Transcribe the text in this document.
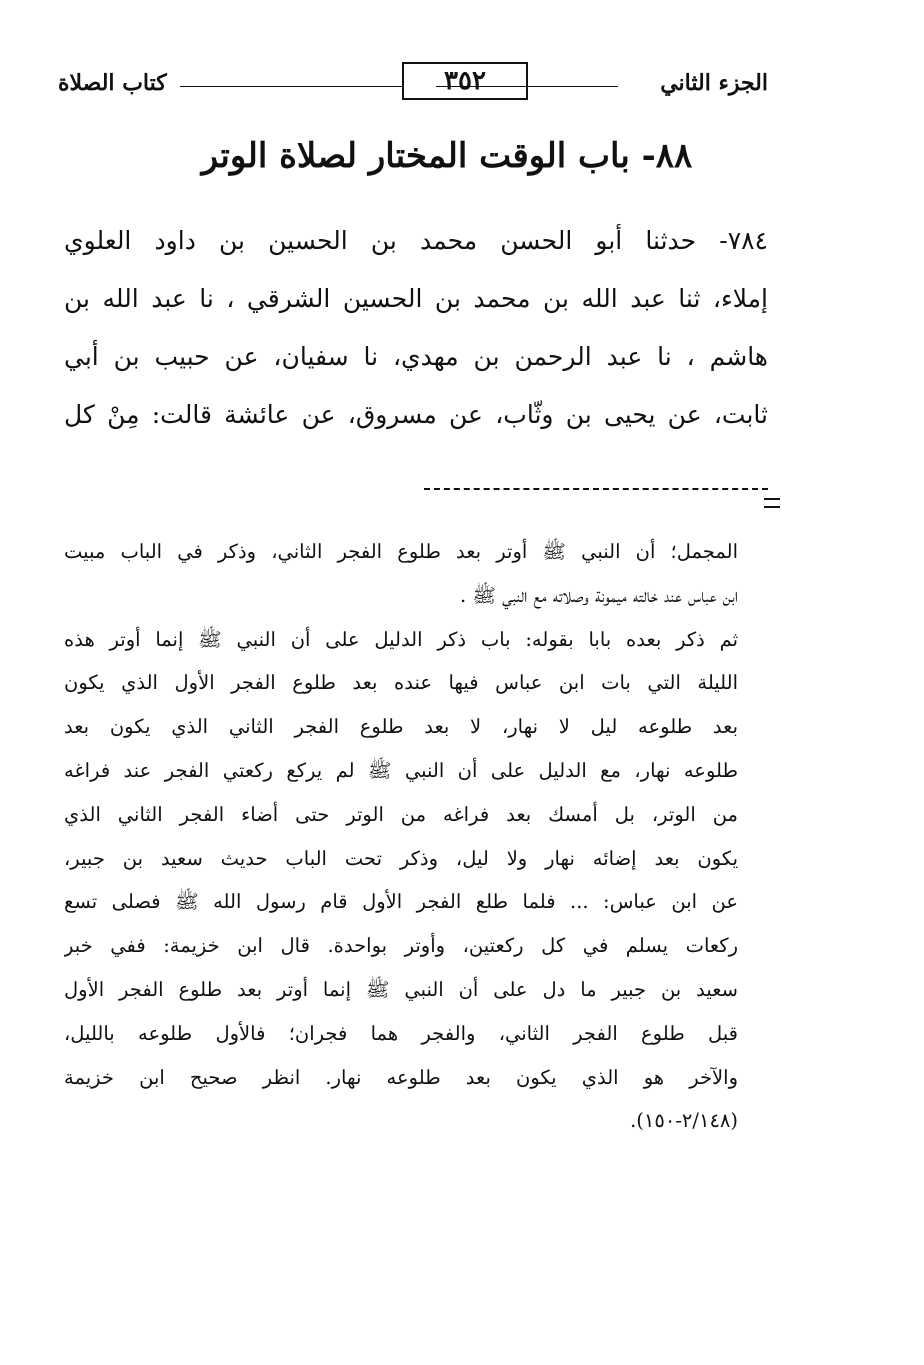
الجزء الثاني
٣٥٢
كتاب الصلاة
٨٨- باب الوقت المختار لصلاة الوتر
٧٨٤- حدثنا أبو الحسن محمد بن الحسين بن داود العلوي
إملاء، ثنا عبد الله بن محمد بن الحسين الشرقي ، نا عبد الله بن
هاشم ، نا عبد الرحمن بن مهدي، نا سفيان، عن حبيب بن أبي
ثابت، عن يحيى بن وثّاب، عن مسروق، عن عائشة قالت: مِنْ كل
المجمل؛ أن النبي ﷺ أوتر بعد طلوع الفجر الثاني، وذكر في الباب مبيت
ابن عباس عند خالته ميمونة وصلاته مع النبي ﷺ .
ثم ذكر بعده بابا بقوله: باب ذكر الدليل على أن النبي ﷺ إنما أوتر هذه
الليلة التي بات ابن عباس فيها عنده بعد طلوع الفجر الأول الذي يكون
بعد طلوعه ليل لا نهار، لا بعد طلوع الفجر الثاني الذي يكون بعد
طلوعه نهار، مع الدليل على أن النبي ﷺ لم يركع ركعتي الفجر عند فراغه
من الوتر، بل أمسك بعد فراغه من الوتر حتى أضاء الفجر الثاني الذي
يكون بعد إضائه نهار ولا ليل، وذكر تحت الباب حديث سعيد بن جبير،
عن ابن عباس: ... فلما طلع الفجر الأول قام رسول الله ﷺ فصلى تسع
ركعات يسلم في كل ركعتين، وأوتر بواحدة. قال ابن خزيمة: ففي خبر
سعيد بن جبير ما دل على أن النبي ﷺ إنما أوتر بعد طلوع الفجر الأول
قبل طلوع الفجر الثاني، والفجر هما فجران؛ فالأول طلوعه بالليل،
والآخر هو الذي يكون بعد طلوعه نهار. انظر صحيح ابن خزيمة
(٢/١٤٨-١٥٠).
